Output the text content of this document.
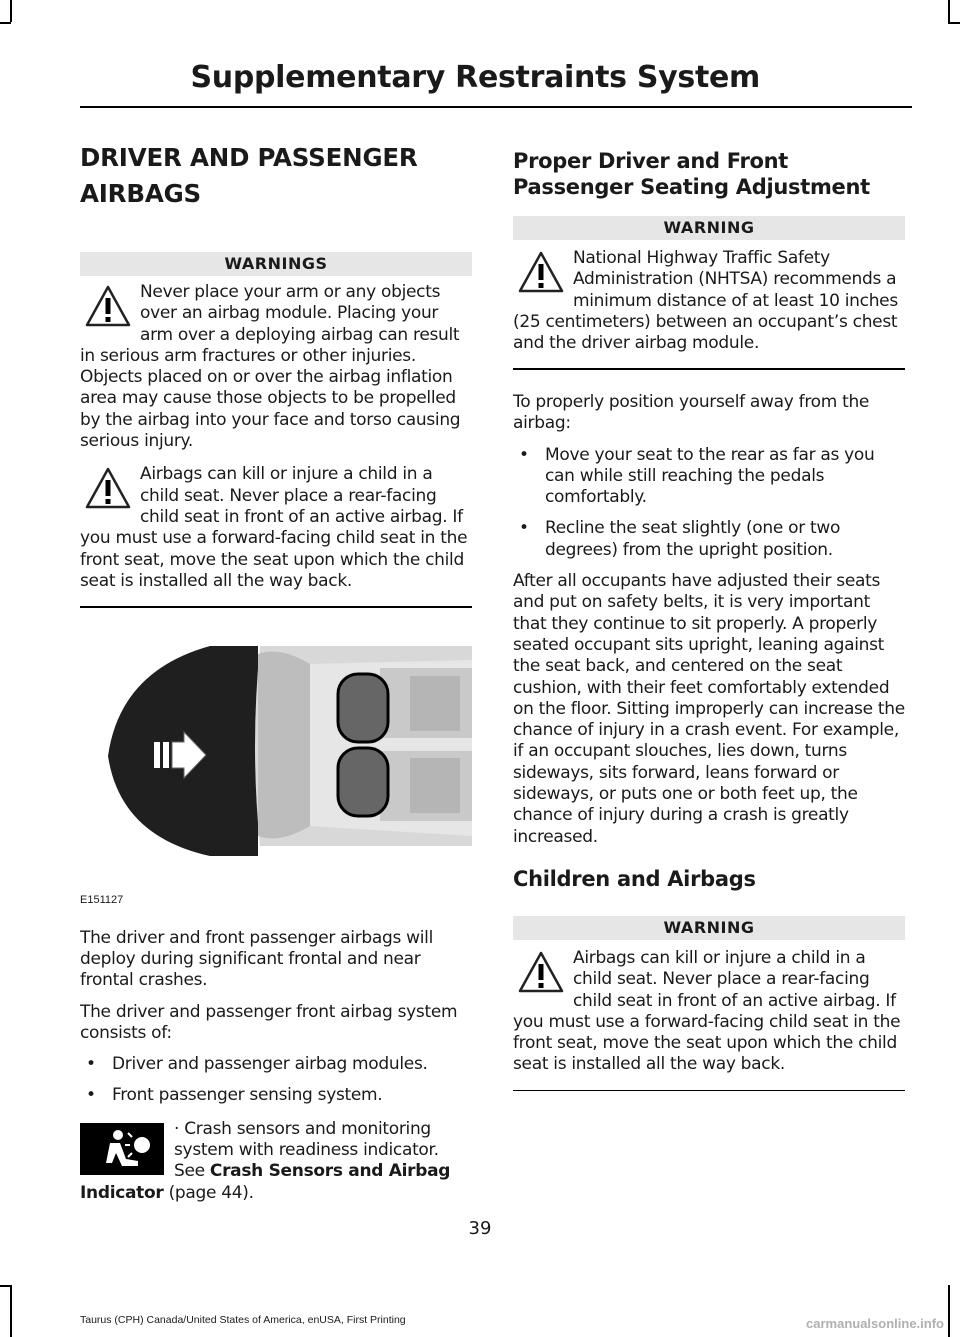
Supplementary Restraints System
DRIVER AND PASSENGER
AIRBAGS
WARNINGS

Never place your arm or any objects over an airbag module. Placing your arm over a deploying airbag can result in serious arm fractures or other injuries. Objects placed on or over the airbag inflation area may cause those objects to be propelled by the airbag into your face and torso causing serious injury.

Airbags can kill or injure a child in a child seat. Never place a rear-facing child seat in front of an active airbag. If you must use a forward-facing child seat in the front seat, move the seat upon which the child seat is installed all the way back.

E151127

The driver and front passenger airbags will deploy during significant frontal and near frontal crashes.

The driver and passenger front airbag system consists of:

• Driver and passenger airbag modules.
• Front passenger sensing system.
· Crash sensors and monitoring system with readiness indicator. See Crash Sensors and Airbag Indicator (page 44).
Proper Driver and Front Passenger Seating Adjustment
WARNING

National Highway Traffic Safety Administration (NHTSA) recommends a minimum distance of at least 10 inches (25 centimeters) between an occupant’s chest and the driver airbag module.

To properly position yourself away from the airbag:

• Move your seat to the rear as far as you can while still reaching the pedals comfortably.
• Recline the seat slightly (one or two degrees) from the upright position.

After all occupants have adjusted their seats and put on safety belts, it is very important that they continue to sit properly. A properly seated occupant sits upright, leaning against the seat back, and centered on the seat cushion, with their feet comfortably extended on the floor. Sitting improperly can increase the chance of injury in a crash event. For example, if an occupant slouches, lies down, turns sideways, sits forward, leans forward or sideways, or puts one or both feet up, the chance of injury during a crash is greatly increased.

Children and Airbags
WARNING

Airbags can kill or injure a child in a child seat. Never place a rear-facing child seat in front of an active airbag. If you must use a forward-facing child seat in the front seat, move the seat upon which the child seat is installed all the way back.

39
Taurus (CPH) Canada/United States of America, enUSA, First Printing	carmanualsonline.info
